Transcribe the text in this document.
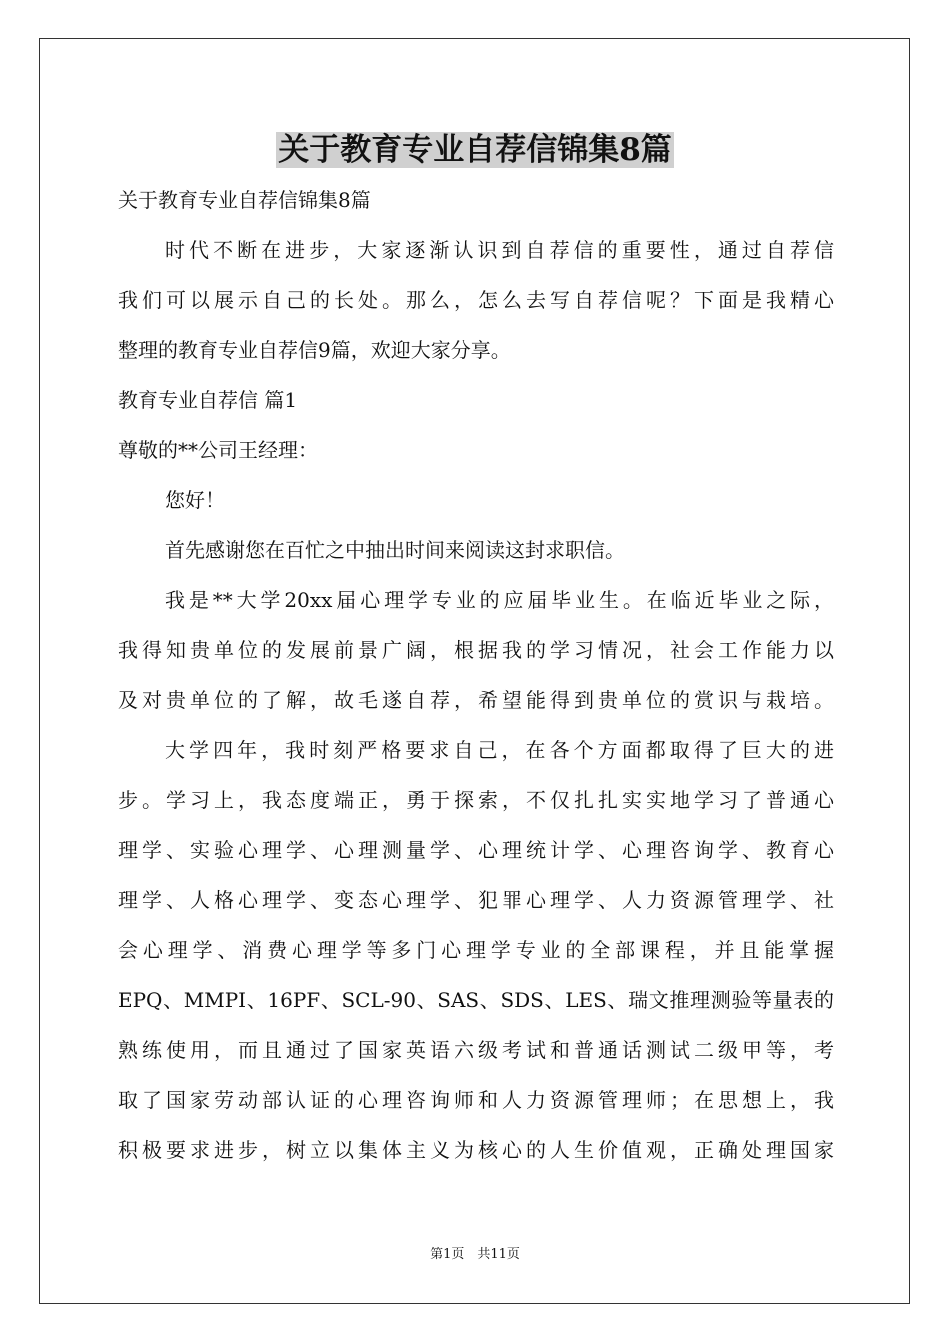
关于教育专业自荐信锦集8篇
关于教育专业自荐信锦集8篇
时代不断在进步，大家逐渐认识到自荐信的重要性，通过自荐信
我们可以展示自己的长处。那么，怎么去写自荐信呢？下面是我精心
整理的教育专业自荐信9篇，欢迎大家分享。
教育专业自荐信 篇1
尊敬的**公司王经理：
您好！
首先感谢您在百忙之中抽出时间来阅读这封求职信。
我是**大学20xx届心理学专业的应届毕业生。在临近毕业之际，
我得知贵单位的发展前景广阔，根据我的学习情况，社会工作能力以
及对贵单位的了解，故毛遂自荐，希望能得到贵单位的赏识与栽培。
大学四年，我时刻严格要求自己，在各个方面都取得了巨大的进
步。学习上，我态度端正，勇于探索，不仅扎扎实实地学习了普通心
理学、实验心理学、心理测量学、心理统计学、心理咨询学、教育心
理学、人格心理学、变态心理学、犯罪心理学、人力资源管理学、社
会心理学、消费心理学等多门心理学专业的全部课程，并且能掌握
EPQ、MMPI、16PF、SCL-90、SAS、SDS、LES、瑞文推理测验等量表的
熟练使用，而且通过了国家英语六级考试和普通话测试二级甲等，考
取了国家劳动部认证的心理咨询师和人力资源管理师；在思想上，我
积极要求进步，树立以集体主义为核心的人生价值观，正确处理国家
第1页　共11页
